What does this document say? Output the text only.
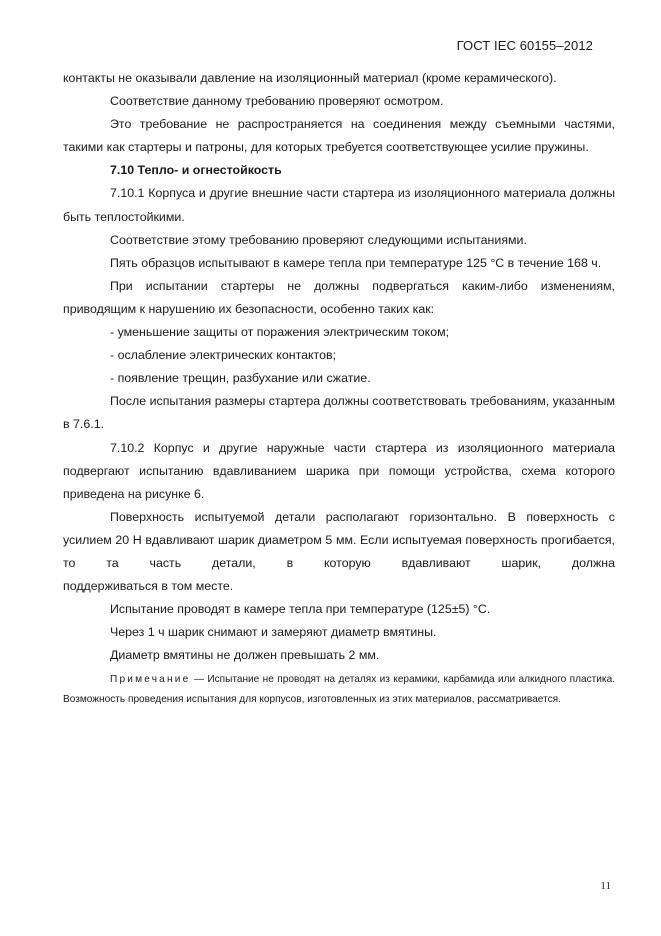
ГОСТ IEC 60155–2012

контакты не оказывали давление на изоляционный материал (кроме керамического).

Соответствие данному требованию проверяют осмотром.

Это требование не распространяется на соединения между съемными частями, такими как стартеры и патроны, для которых требуется соответствующее усилие пружины.

7.10 Тепло- и огнестойкость

7.10.1 Корпуса и другие внешние части стартера из изоляционного материала должны быть теплостойкими.

Соответствие этому требованию проверяют следующими испытаниями.

Пять образцов испытывают в камере тепла при температуре 125 °С в течение 168 ч.

При испытании стартеры не должны подвергаться каким-либо изменениям, приводящим к нарушению их безопасности, особенно таких как:

- уменьшение защиты от поражения электрическим током;

- ослабление электрических контактов;

- появление трещин, разбухание или сжатие.

После испытания размеры стартера должны соответствовать требованиям, указанным в 7.6.1.

7.10.2 Корпус и другие наружные части стартера из изоляционного материала подвергают испытанию вдавливанием шарика при помощи устройства, схема которого приведена на рисунке 6.

Поверхность испытуемой детали располагают горизонтально. В поверхность с усилием 20 Н вдавливают шарик диаметром 5 мм. Если испытуемая поверхность прогибается, то та часть детали, в которую вдавливают шарик, должна

поддерживаться в том месте.

Испытание проводят в камере тепла при температуре (125±5) °С.

Через 1 ч шарик снимают и замеряют диаметр вмятины.

Диаметр вмятины не должен превышать 2 мм.

Примечание — Испытание не проводят на деталях из керамики, карбамида или алкидного пластика. Возможность проведения испытания для корпусов, изготовленных из этих материалов, рассматривается.

11
